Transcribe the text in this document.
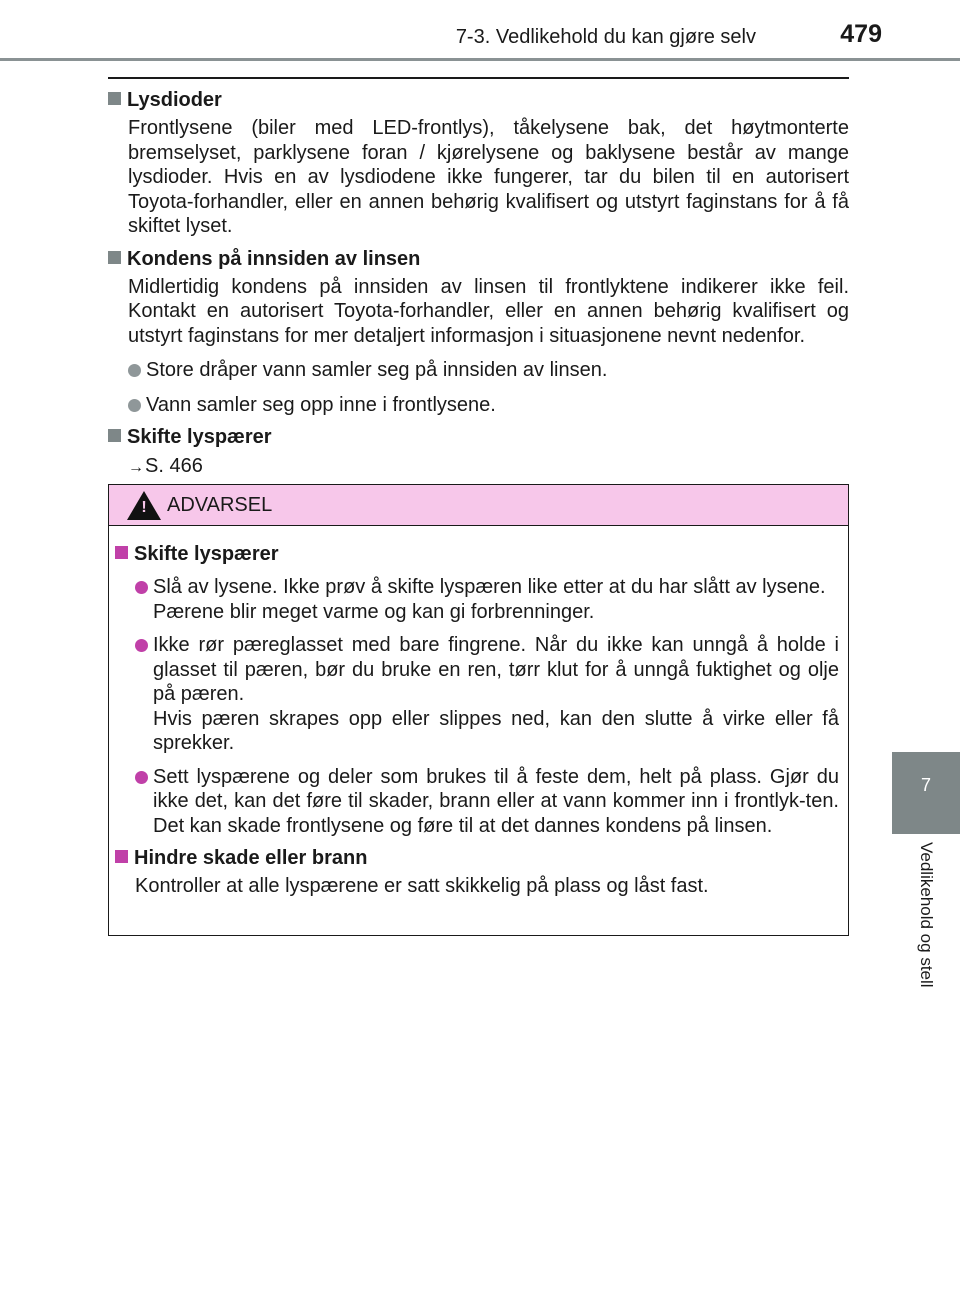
7-3. Vedlikehold du kan gjøre selv	479
7
Vedlikehold og stell

Lysdioder

Frontlysene (biler med LED-frontlys), tåkelysene bak, det høytmonterte bremselyset, parklysene foran / kjørelysene og baklysene består av mange lysdioder. Hvis en av lysdiodene ikke fungerer, tar du bilen til en autorisert Toyota-forhandler, eller en annen behørig kvalifisert og utstyrt faginstans for å få skiftet lyset.

Kondens på innsiden av linsen

Midlertidig kondens på innsiden av linsen til frontlyktene indikerer ikke feil. Kontakt en autorisert Toyota-forhandler, eller en annen behørig kvalifisert og utstyrt faginstans for mer detaljert informasjon i situasjonene nevnt nedenfor.

Store dråper vann samler seg på innsiden av linsen.
Vann samler seg opp inne i frontlysene.

Skifte lyspærer

→S. 466

! ADVARSEL

Skifte lyspærer

Slå av lysene. Ikke prøv å skifte lyspæren like etter at du har slått av lysene.

Pærene blir meget varme og kan gi forbrenninger.

Ikke rør pæreglasset med bare fingrene. Når du ikke kan unngå å holde i glasset til pæren, bør du bruke en ren, tørr klut for å unngå fuktighet og olje på pæren.

Hvis pæren skrapes opp eller slippes ned, kan den slutte å virke eller få sprekker.

Sett lyspærene og deler som brukes til å feste dem, helt på plass. Gjør du ikke det, kan det føre til skader, brann eller at vann kommer inn i frontlyk-ten. Det kan skade frontlysene og føre til at det dannes kondens på linsen.

Hindre skade eller brann

Kontroller at alle lyspærene er satt skikkelig på plass og låst fast.
